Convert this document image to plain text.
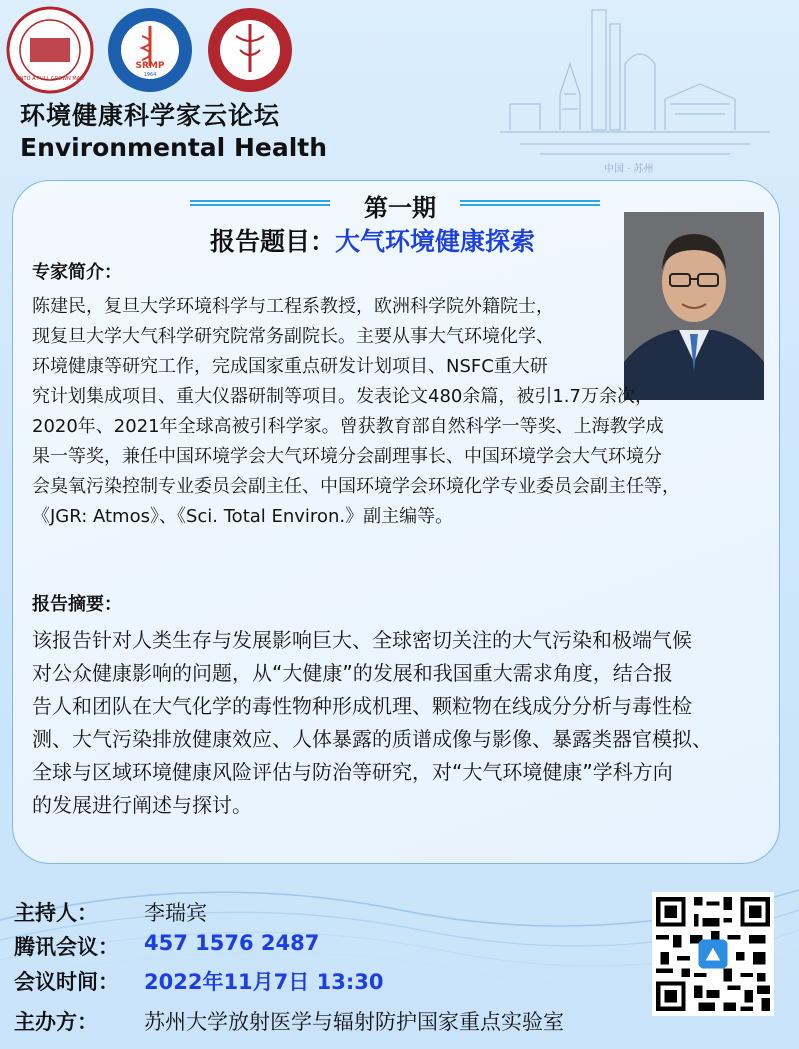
UNTO A FULL GROWN MAN
SRMP
1964
环境健康科学家云论坛
Environmental Health
中国 · 苏州
第一期
报告题目：大气环境健康探索
专家简介：

陈建民，复旦大学环境科学与工程系教授，欧洲科学院外籍院士，

现复旦大学大气科学研究院常务副院长。主要从事大气环境化学、

环境健康等研究工作，完成国家重点研发计划项目、NSFC重大研

究计划集成项目、重大仪器研制等项目。发表论文480余篇，被引1.7万余次，

2020年、2021年全球高被引科学家。曾获教育部自然科学一等奖、上海教学成

果一等奖，兼任中国环境学会大气环境分会副理事长、中国环境学会大气环境分

会臭氧污染控制专业委员会副主任、中国环境学会环境化学专业委员会副主任等，

《JGR: Atmos》、《Sci. Total Environ.》副主编等。

报告摘要：

该报告针对人类生存与发展影响巨大、全球密切关注的大气污染和极端气候

对公众健康影响的问题，从“大健康”的发展和我国重大需求角度，结合报

告人和团队在大气化学的毒性物种形成机理、颗粒物在线成分分析与毒性检

测、大气污染排放健康效应、人体暴露的质谱成像与影像、暴露类器官模拟、

全球与区域环境健康风险评估与防治等研究，对“大气环境健康”学科方向

的发展进行阐述与探讨。

主持人： 李瑞宾
腾讯会议： 457 1576 2487
会议时间： 2022年11月7日 13:30
主办方： 苏州大学放射医学与辐射防护国家重点实验室
